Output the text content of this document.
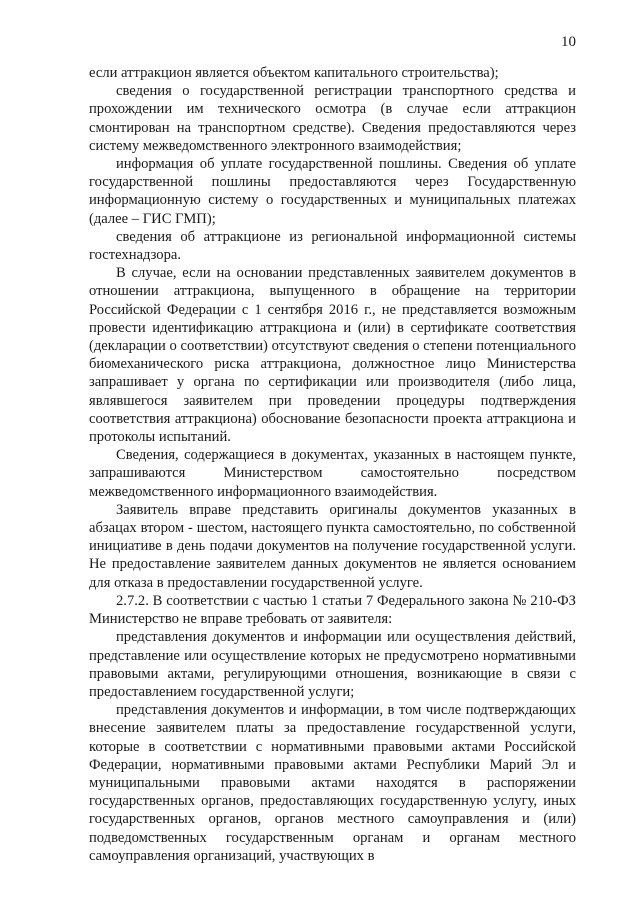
10

если аттракцион является объектом капитального строительства);

сведения о государственной регистрации транспортного средства и прохождении им технического осмотра (в случае если аттракцион смонтирован на транспортном средстве). Сведения предоставляются через систему межведомственного электронного взаимодействия;

информация об уплате государственной пошлины. Сведения об уплате государственной пошлины предоставляются через Государственную информационную систему о государственных и муниципальных платежах (далее – ГИС ГМП);

сведения об аттракционе из региональной информационной системы гостехнадзора.

В случае, если на основании представленных заявителем документов в отношении аттракциона, выпущенного в обращение на территории Российской Федерации с 1 сентября 2016 г., не представляется возможным провести идентификацию аттракциона и (или) в сертификате соответствия (декларации о соответствии) отсутствуют сведения о степени потенциального биомеханического риска аттракциона, должностное лицо Министерства запрашивает у органа по сертификации или производителя (либо лица, являвшегося заявителем при проведении процедуры подтверждения соответствия аттракциона) обоснование безопасности проекта аттракциона и протоколы испытаний.

Сведения, содержащиеся в документах, указанных в настоящем пункте, запрашиваются Министерством самостоятельно посредством межведомственного информационного взаимодействия.

Заявитель вправе представить оригиналы документов указанных в абзацах втором - шестом, настоящего пункта самостоятельно, по собственной инициативе в день подачи документов на получение государственной услуги. Не предоставление заявителем данных документов не является основанием для отказа в предоставлении государственной услуге.

2.7.2. В соответствии с частью 1 статьи 7 Федерального закона № 210-ФЗ Министерство не вправе требовать от заявителя:

представления документов и информации или осуществления действий, представление или осуществление которых не предусмотрено нормативными правовыми актами, регулирующими отношения, возникающие в связи с предоставлением государственной услуги;

представления документов и информации, в том числе подтверждающих внесение заявителем платы за предоставление государственной услуги, которые в соответствии с нормативными правовыми актами Российской Федерации, нормативными правовыми актами Республики Марий Эл и муниципальными правовыми актами находятся в распоряжении государственных органов, предоставляющих государственную услугу, иных государственных органов, органов местного самоуправления и (или) подведомственных государственным органам и органам местного самоуправления организаций, участвующих в
